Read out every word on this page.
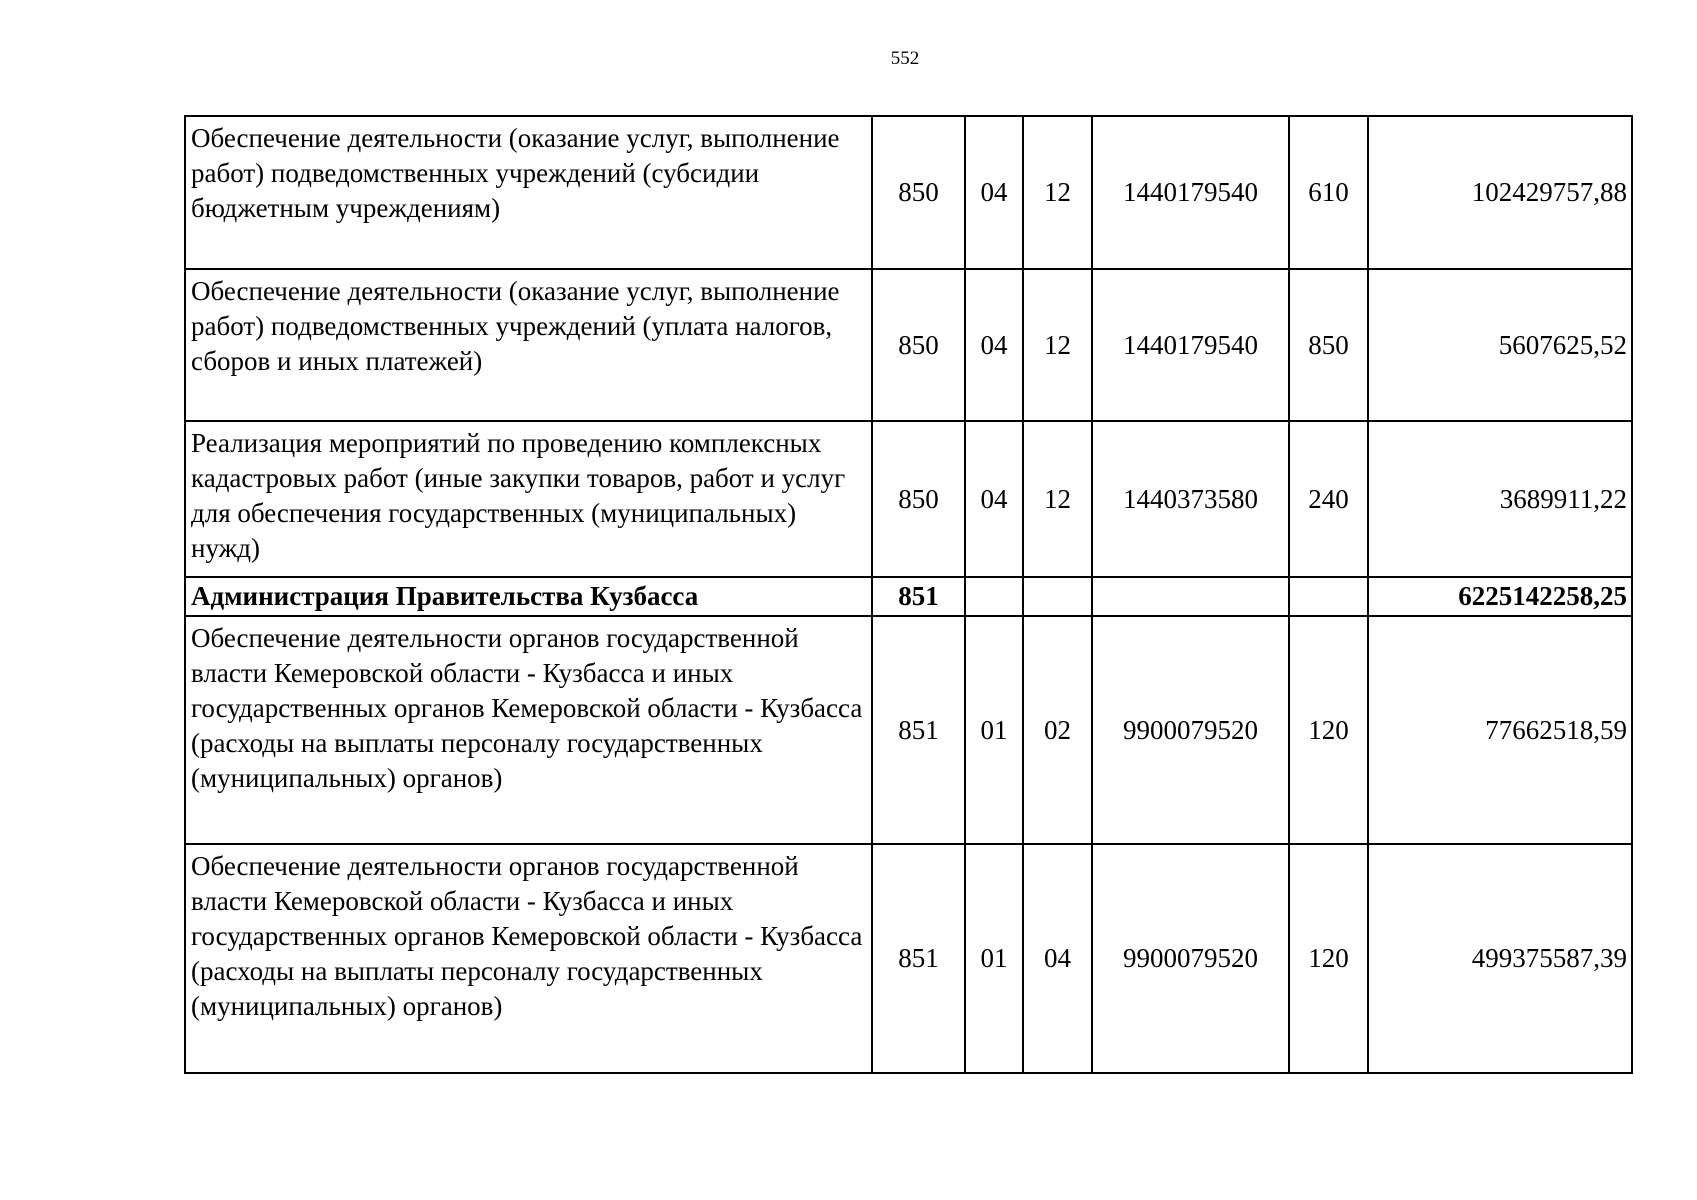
552
Обеспечение деятельности (оказание услуг, выполнение работ) подведомственных учреждений (субсидии бюджетным учреждениям)	850	04	12	1440179540	610	102429757,88
Обеспечение деятельности (оказание услуг, выполнение работ) подведомственных учреждений (уплата налогов, сборов и иных платежей)	850	04	12	1440179540	850	5607625,52
Реализация мероприятий по проведению комплексных кадастровых работ (иные закупки товаров, работ и услуг для обеспечения государственных (муниципальных) нужд)	850	04	12	1440373580	240	3689911,22
Администрация Правительства Кузбасса	851					6225142258,25
Обеспечение деятельности органов государственной власти Кемеровской области - Кузбасса и иных государственных органов Кемеровской области - Кузбасса (расходы на выплаты персоналу государственных (муниципальных) органов)	851	01	02	9900079520	120	77662518,59
Обеспечение деятельности органов государственной власти Кемеровской области - Кузбасса и иных государственных органов Кемеровской области - Кузбасса (расходы на выплаты персоналу государственных (муниципальных) органов)	851	01	04	9900079520	120	499375587,39
